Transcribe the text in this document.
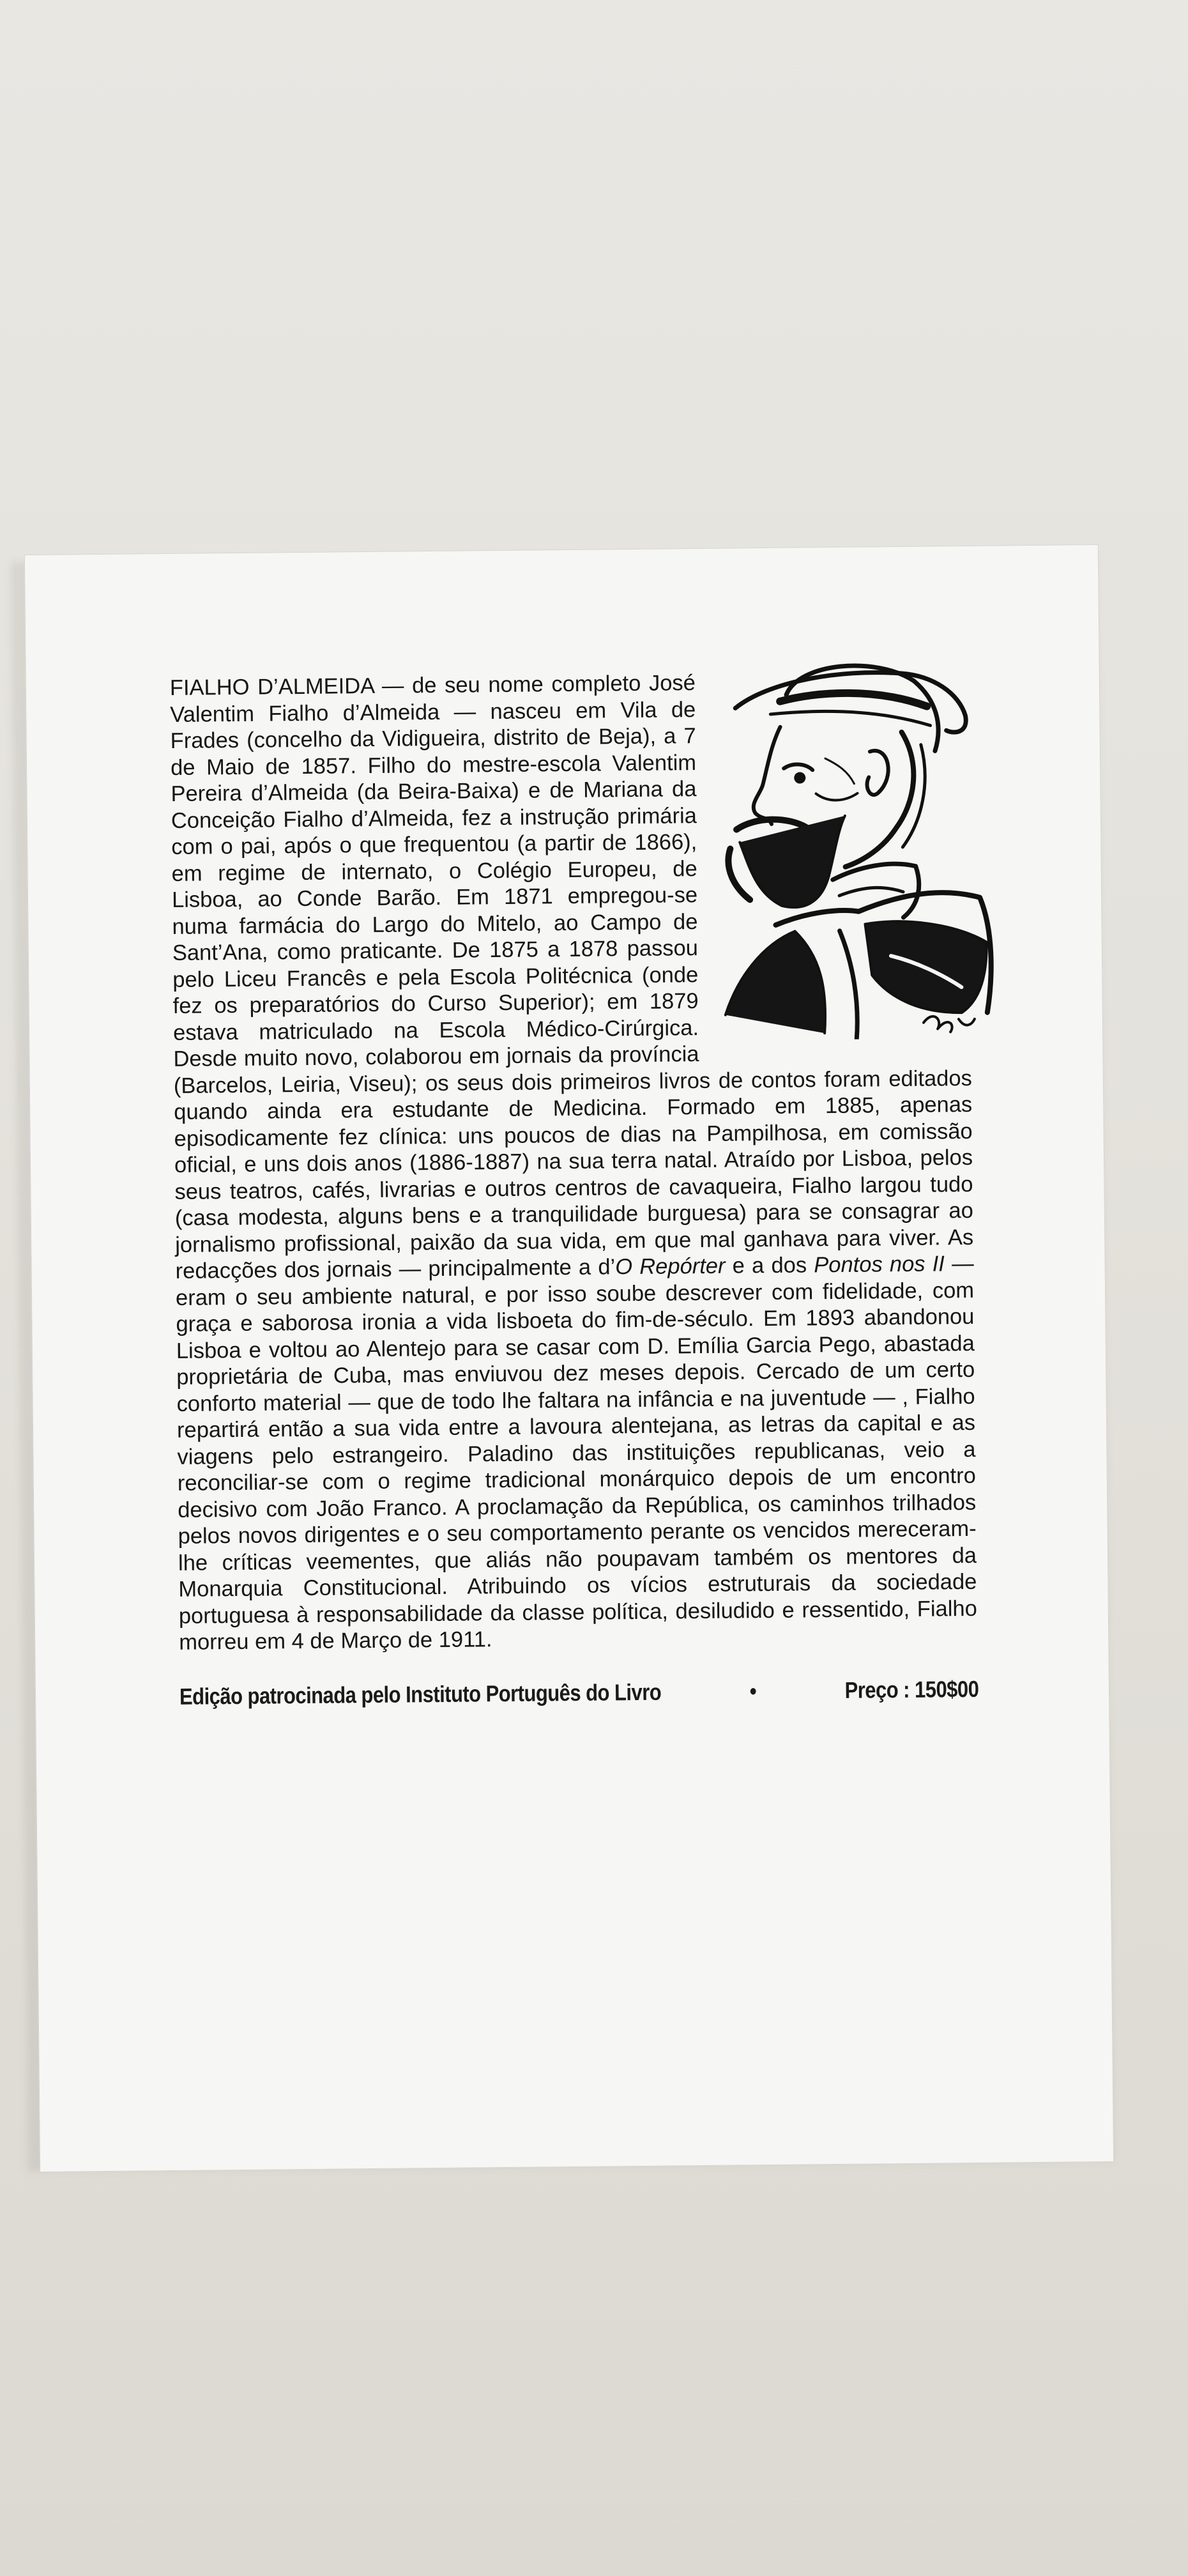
FIALHO D’ALMEIDA — de seu nome completo José Valentim Fialho d’Almeida — nasceu em Vila de Frades (concelho da Vidigueira, distrito de Beja), a 7 de Maio de 1857. Filho do mestre-escola Valentim Pereira d’Almeida (da Beira-Baixa) e de Mariana da Conceição Fialho d’Almeida, fez a instrução primária com o pai, após o que frequentou (a partir de 1866), em regime de internato, o Colégio Europeu, de Lisboa, ao Conde Barão. Em 1871 empregou-se numa farmácia do Largo do Mitelo, ao Campo de Sant’Ana, como praticante. De 1875 a 1878 passou pelo Liceu Francês e pela Escola Politécnica (onde fez os preparatórios do Curso Superior); em 1879 estava matriculado na Escola Médico-Cirúrgica. Desde muito novo, colaborou em jornais da província (Barcelos, Leiria, Viseu); os seus dois primeiros livros de contos foram editados quando ainda era estudante de Medicina. Formado em 1885, apenas episodicamente fez clínica: uns poucos de dias na Pampilhosa, em comissão oficial, e uns dois anos (1886-1887) na sua terra natal. Atraído por Lisboa, pelos seus teatros, cafés, livrarias e outros centros de cavaqueira, Fialho largou tudo (casa modesta, alguns bens e a tranquilidade burguesa) para se consagrar ao jornalismo profissional, paixão da sua vida, em que mal ganhava para viver. As redacções dos jornais — principalmente a d’O Repórter e a dos Pontos nos II — eram o seu ambiente natural, e por isso soube descrever com fidelidade, com graça e saborosa ironia a vida lisboeta do fim-de-século. Em 1893 abandonou Lisboa e voltou ao Alentejo para se casar com D. Emília Garcia Pego, abastada proprietária de Cuba, mas enviuvou dez meses depois. Cercado de um certo conforto material — que de todo lhe faltara na infância e na juventude — , Fialho repartirá então a sua vida entre a lavoura alentejana, as letras da capital e as viagens pelo estrangeiro. Paladino das instituições republicanas, veio a reconciliar-se com o regime tradicional monárquico depois de um encontro decisivo com João Franco. A proclamação da República, os caminhos trilhados pelos novos dirigentes e o seu comportamento perante os vencidos mereceram-lhe críticas veementes, que aliás não poupavam também os mentores da Monarquia Constitucional. Atribuindo os vícios estruturais da sociedade portuguesa à responsabilidade da classe política, desiludido e ressentido, Fialho morreu em 4 de Março de 1911.

Edição patrocinada pelo Instituto Português do Livro	•	Preço : 150$00
